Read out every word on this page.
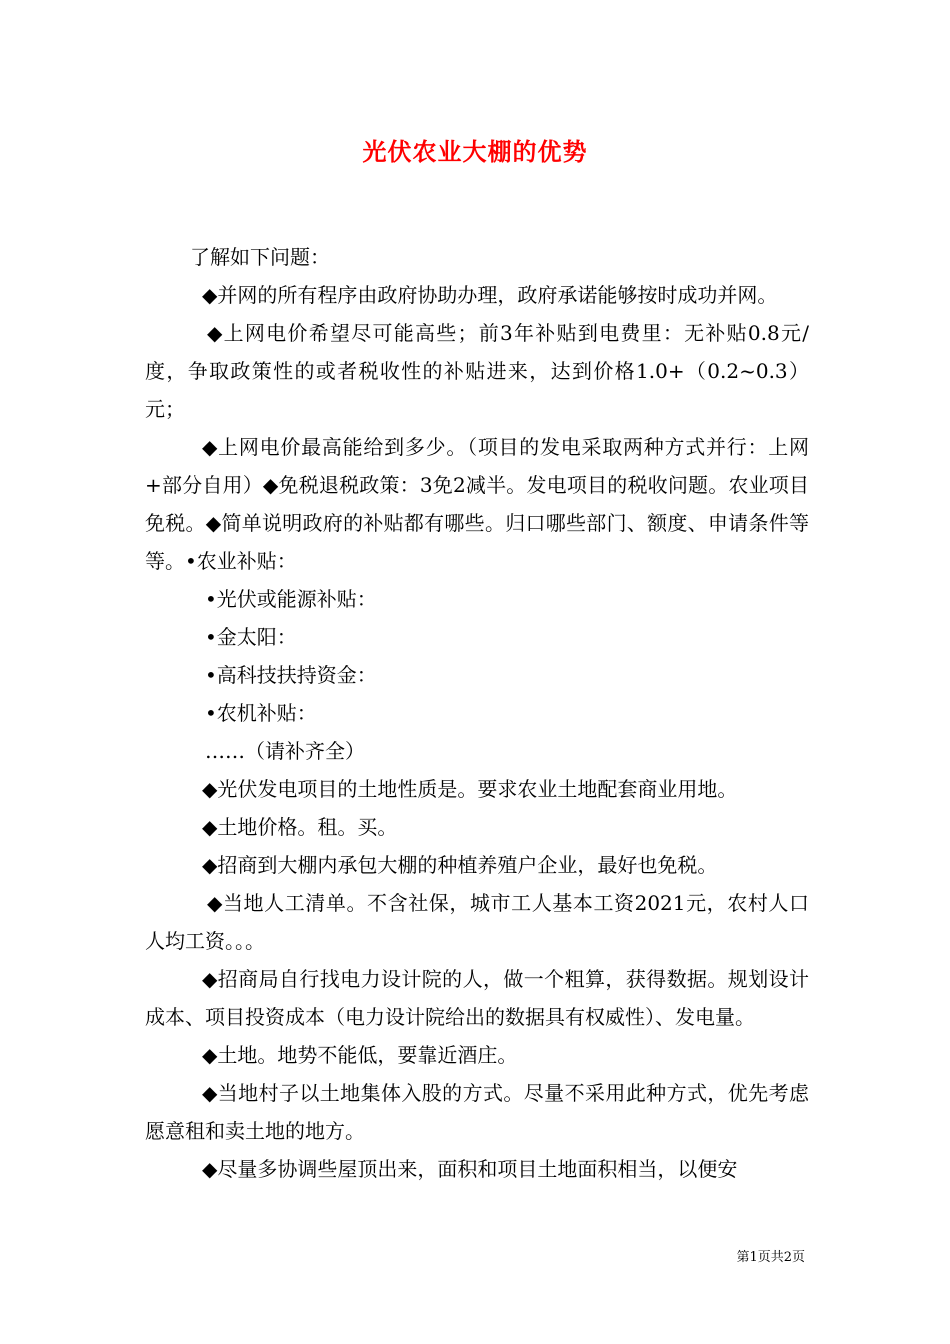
光伏农业大棚的优势

了解如下问题：

◆并网的所有程序由政府协助办理，政府承诺能够按时成功并网。

◆上网电价希望尽可能高些；前3年补贴到电费里：无补贴0.8元/度，争取政策性的或者税收性的补贴进来，达到价格1.0+（0.2~0.3）元；

◆上网电价最高能给到多少。（项目的发电采取两种方式并行：上网+部分自用）◆免税退税政策：3免2减半。发电项目的税收问题。农业项目免税。◆简单说明政府的补贴都有哪些。归口哪些部门、额度、申请条件等等。•农业补贴：

•光伏或能源补贴：

•金太阳：

•高科技扶持资金：

•农机补贴：

……（请补齐全）

◆光伏发电项目的土地性质是。要求农业土地配套商业用地。

◆土地价格。租。买。

◆招商到大棚内承包大棚的种植养殖户企业，最好也免税。

◆当地人工清单。不含社保，城市工人基本工资2021元，农村人口人均工资。。。

◆招商局自行找电力设计院的人，做一个粗算，获得数据。规划设计成本、项目投资成本（电力设计院给出的数据具有权威性）、发电量。

◆土地。地势不能低，要靠近酒庄。

◆当地村子以土地集体入股的方式。尽量不采用此种方式，优先考虑愿意租和卖土地的地方。

◆尽量多协调些屋顶出来，面积和项目土地面积相当，以便安

第1页共2页
